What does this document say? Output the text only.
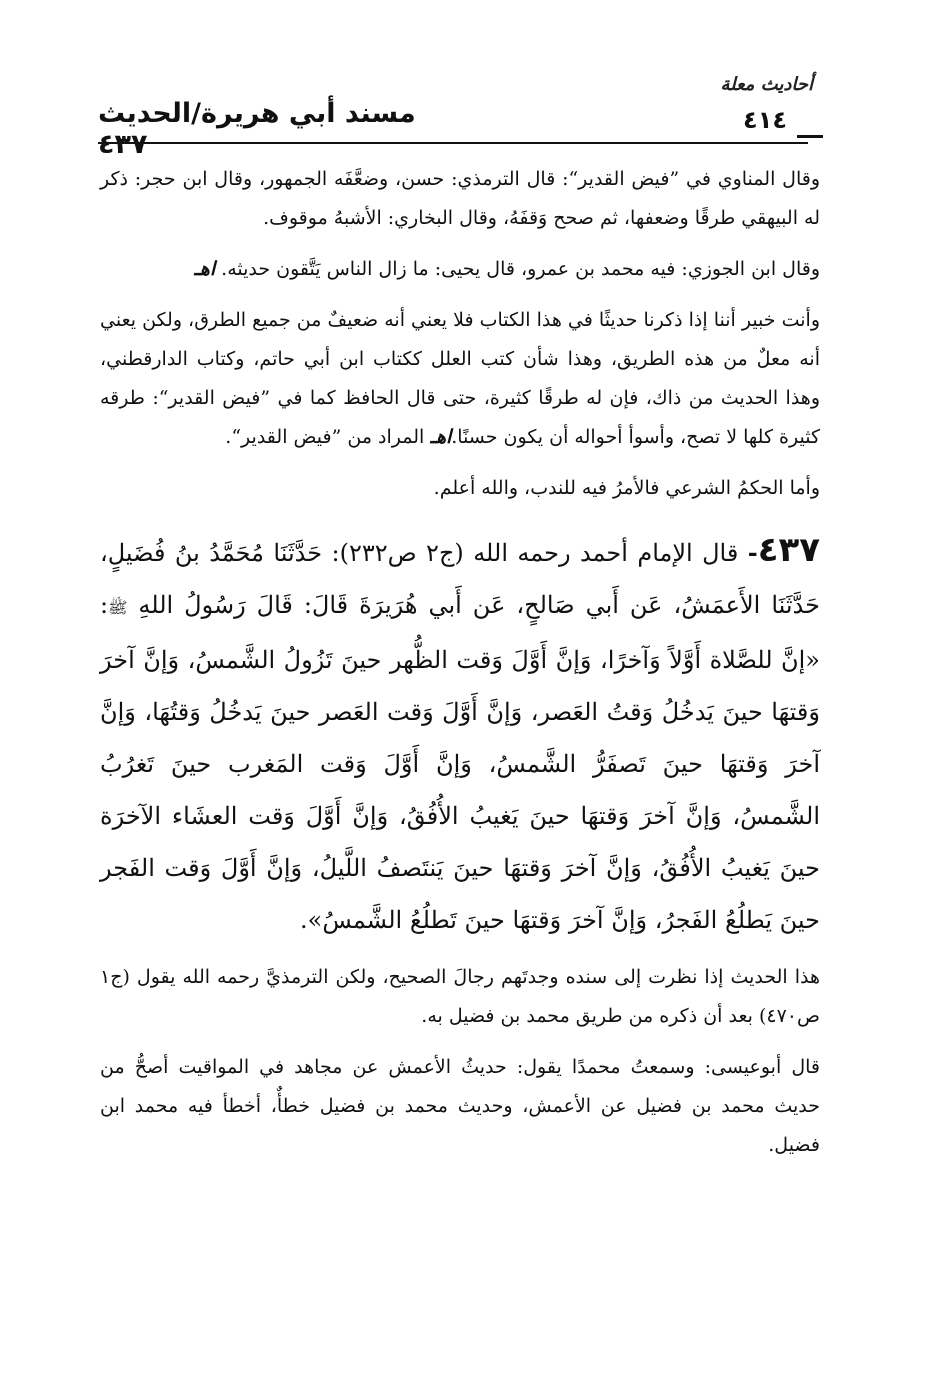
مسند أبي هريرة/الحديث ٤٣٧
أحاديث معلة
٤١٤

وقال المناوي في ”فيض القدير“: قال الترمذي: حسن، وضعَّفَه الجمهور، وقال ابن حجر: ذكر له البيهقي طرقًا وضعفها، ثم صحح وَقفَهُ، وقال البخاري: الأشبهُ موقوف.

وقال ابن الجوزي: فيه محمد بن عمرو، قال يحيى: ما زال الناس يَتَّقون حديثه. اهـ

وأنت خبير أننا إذا ذكرنا حديثًا في هذا الكتاب فلا يعني أنه ضعيفٌ من جميع الطرق، ولكن يعني أنه معلٌ من هذه الطريق، وهذا شأن كتب العلل ككتاب ابن أبي حاتم، وكتاب الدارقطني، وهذا الحديث من ذاك، فإن له طرقًا كثيرة، حتى قال الحافظ كما في ”فيض القدير“: طرقه كثيرة كلها لا تصح، وأسوأ أحواله أن يكون حسنًا.اهـ المراد من ”فيض القدير“.

وأما الحكمُ الشرعي فالأمرُ فيه للندب، والله أعلم.

٤٣٧- قال الإمام أحمد رحمه الله (ج٢ ص٢٣٢): حَدَّثَنَا مُحَمَّدُ بنُ فُضَيلٍ، حَدَّثَنَا الأَعمَشُ، عَن أَبي صَالحٍ، عَن أَبي هُرَيرَةَ قَالَ: قَالَ رَسُولُ اللهِ ﷺ: «إنَّ للصَّلاة أَوَّلاً وَآخرًا، وَإنَّ أَوَّلَ وَقت الظُّهر حينَ تَزُولُ الشَّمسُ، وَإنَّ آخرَ وَقتهَا حينَ يَدخُلُ وَقتُ العَصر، وَإنَّ أَوَّلَ وَقت العَصر حينَ يَدخُلُ وَقتُهَا، وَإنَّ آخرَ وَقتهَا حينَ تَصفَرُّ الشَّمسُ، وَإنَّ أَوَّلَ وَقت المَغرب حينَ تَغرُبُ الشَّمسُ، وَإنَّ آخرَ وَقتهَا حينَ يَغيبُ الأُفُقُ، وَإنَّ أَوَّلَ وَقت العشَاء الآخرَة حينَ يَغيبُ الأُفُقُ، وَإنَّ آخرَ وَقتهَا حينَ يَنتَصفُ اللَّيلُ، وَإنَّ أَوَّلَ وَقت الفَجر حينَ يَطلُعُ الفَجرُ، وَإنَّ آخرَ وَقتهَا حينَ تَطلُعُ الشَّمسُ».

هذا الحديث إذا نظرت إلى سنده وجدتَهم رجالَ الصحيح، ولكن الترمذيَّ رحمه الله يقول (ج١ ص٤٧٠) بعد أن ذكره من طريق محمد بن فضيل به.

قال أبوعيسى: وسمعتُ محمدًا يقول: حديثُ الأعمش عن مجاهد في المواقيت أصحُّ من حديث محمد بن فضيل عن الأعمش، وحديث محمد بن فضيل خطأٌ، أخطأ فيه محمد ابن فضيل.
